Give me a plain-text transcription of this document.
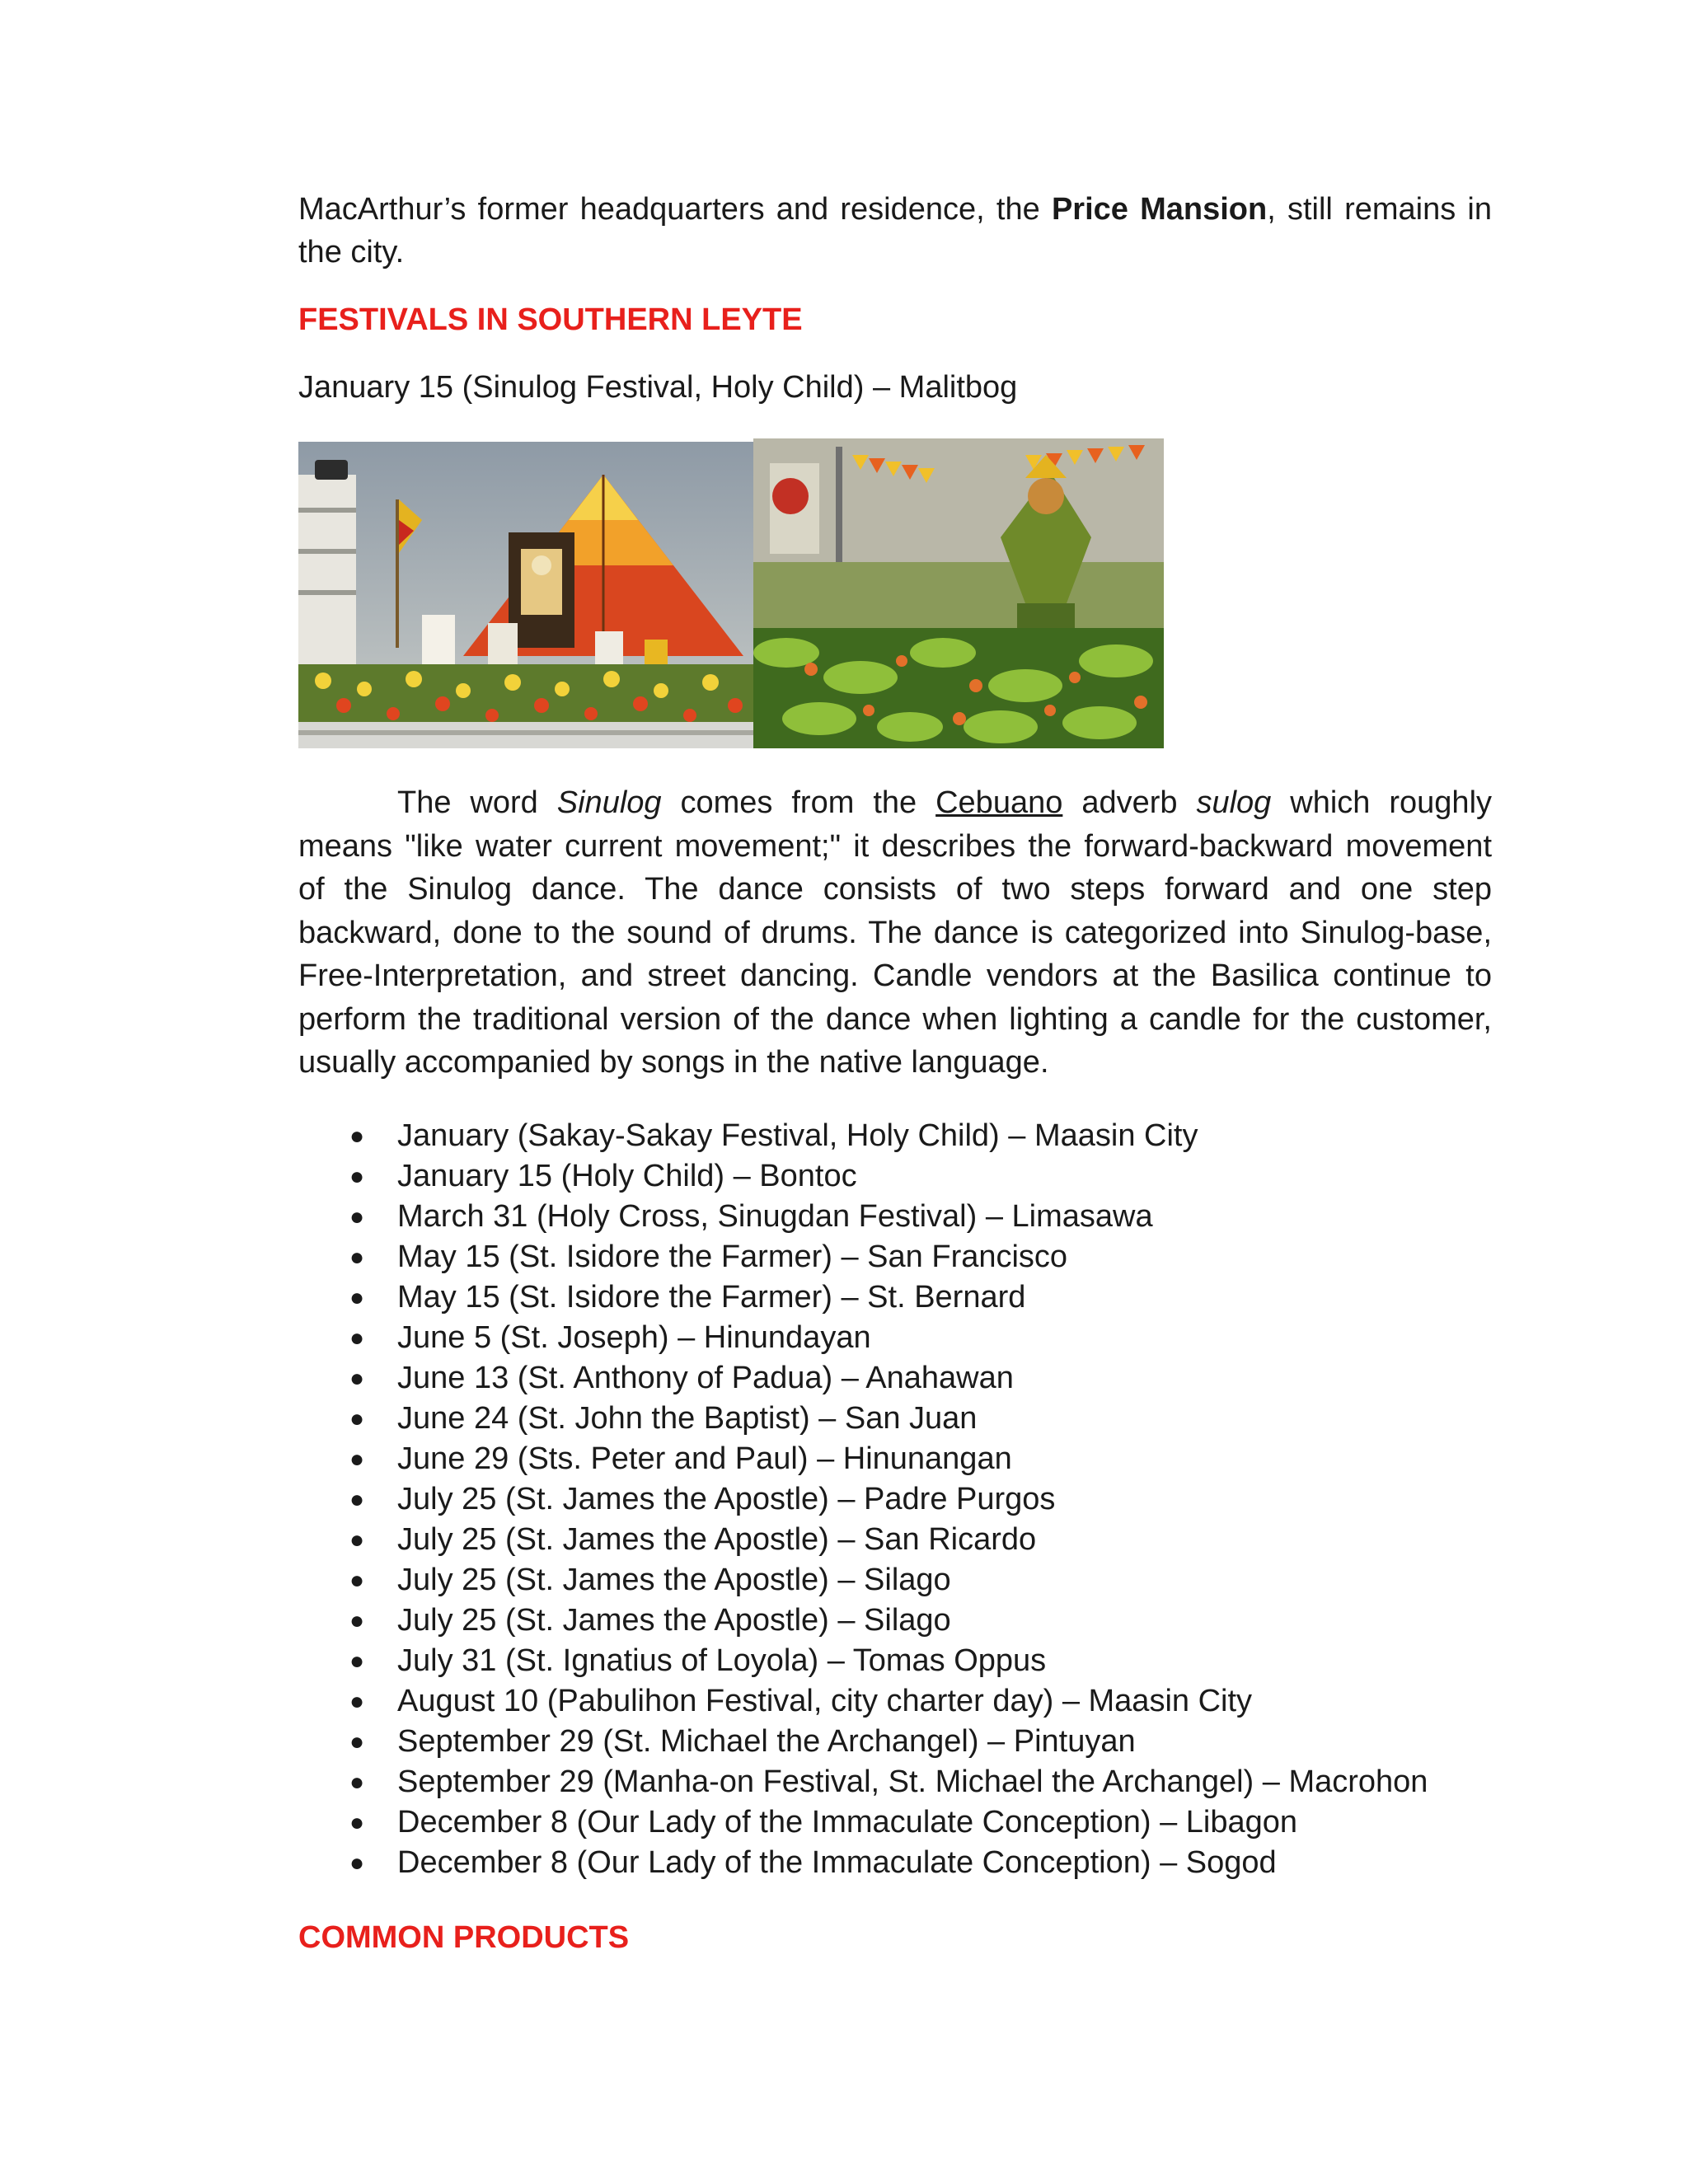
MacArthur’s former headquarters and residence, the Price Mansion, still remains in the city.

FESTIVALS IN SOUTHERN LEYTE

January 15 (Sinulog Festival, Holy Child) – Malitbog

The word Sinulog comes from the Cebuano adverb sulog which roughly means "like water current movement;" it describes the forward-backward movement of the Sinulog dance. The dance consists of two steps forward and one step backward, done to the sound of drums. The dance is categorized into Sinulog-base, Free-Interpretation, and street dancing. Candle vendors at the Basilica continue to perform the traditional version of the dance when lighting a candle for the customer, usually accompanied by songs in the native language.

● January (Sakay-Sakay Festival, Holy Child) – Maasin City
● January 15 (Holy Child) – Bontoc
● March 31 (Holy Cross, Sinugdan Festival) – Limasawa
● May 15 (St. Isidore the Farmer) – San Francisco
● May 15 (St. Isidore the Farmer) – St. Bernard
● June 5 (St. Joseph) – Hinundayan
● June 13 (St. Anthony of Padua) – Anahawan
● June 24 (St. John the Baptist) – San Juan
● June 29 (Sts. Peter and Paul) – Hinunangan
● July 25 (St. James the Apostle) – Padre Purgos
● July 25 (St. James the Apostle) – San Ricardo
● July 25 (St. James the Apostle) – Silago
● July 25 (St. James the Apostle) – Silago
● July 31 (St. Ignatius of Loyola) – Tomas Oppus
● August 10 (Pabulihon Festival, city charter day) – Maasin City
● September 29 (St. Michael the Archangel) – Pintuyan
● September 29 (Manha-on Festival, St. Michael the Archangel) – Macrohon
● December 8 (Our Lady of the Immaculate Conception) – Libagon
● December 8 (Our Lady of the Immaculate Conception) – Sogod
COMMON PRODUCTS
